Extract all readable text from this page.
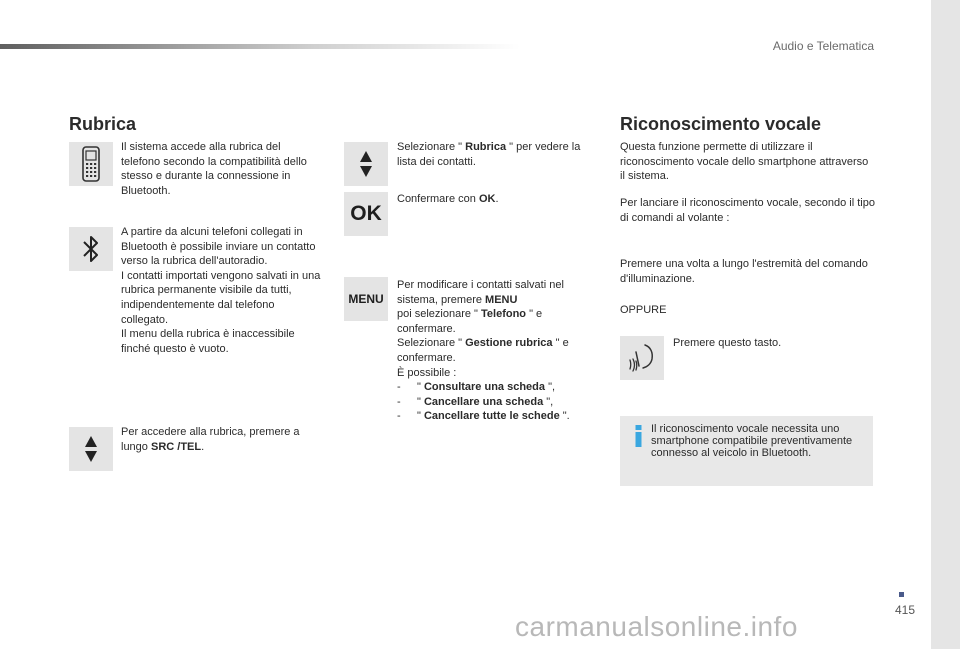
Audio e Telematica
Rubrica
Il sistema accede alla rubrica del telefono secondo la compatibilità dello stesso e durante la connessione in Bluetooth.
A partire da alcuni telefoni collegati in Bluetooth è possibile inviare un contatto verso la rubrica dell'autoradio.
I contatti importati vengono salvati in una rubrica permanente visibile da tutti, indipendentemente dal telefono collegato.
Il menu della rubrica è inaccessibile finché questo è vuoto.
Per accedere alla rubrica, premere a lungo SRC /TEL.
Selezionare " Rubrica " per vedere la lista dei contatti.
OK
Confermare con OK.
MENU
Per modificare i contatti salvati nel sistema, premere MENU
poi selezionare " Telefono " e confermare.
Selezionare " Gestione rubrica " e confermare.
È possibile :
- " Consultare una scheda ",
- " Cancellare una scheda ",
- " Cancellare tutte le schede ".
Riconoscimento vocale
Questa funzione permette di utilizzare il riconoscimento vocale dello smartphone attraverso il sistema.
Per lanciare il riconoscimento vocale, secondo il tipo di comandi al volante :
Premere una volta a lungo l'estremità del comando d'illuminazione.
OPPURE
Premere questo tasto.
Il riconoscimento vocale necessita uno smartphone compatibile preventivamente connesso al veicolo in Bluetooth.
415
carmanualsonline.info
